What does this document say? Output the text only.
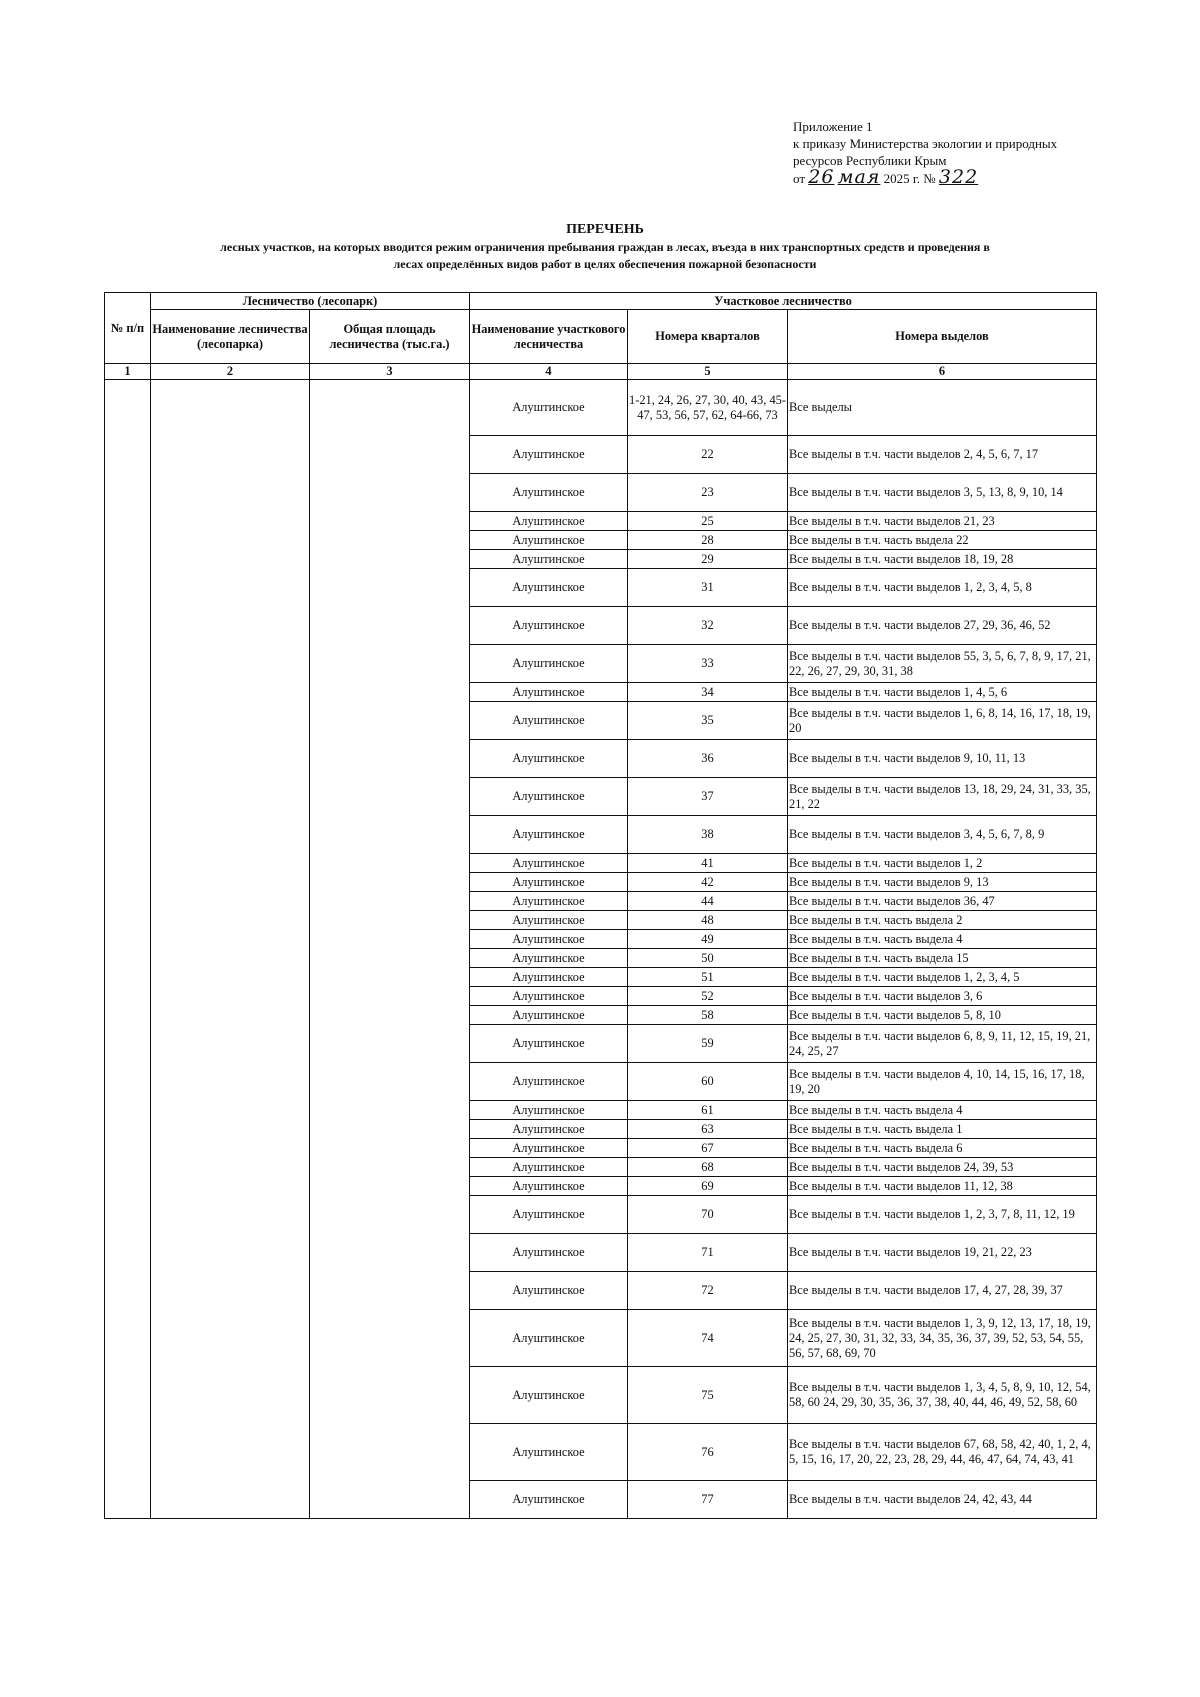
Приложение 1
к приказу Министерства экологии и природных
ресурсов Республики Крым
от 26 мая 2025 г. № 322
ПЕРЕЧЕНЬ
лесных участков, на которых вводится режим ограничения пребывания граждан в лесах, въезда в них транспортных средств и проведения в
лесах определённых видов работ в целях обеспечения пожарной безопасности
№ п/п	Лесничество (лесопарк)		Участковое лесничество		
	Наименование лесничества (лесопарка)	Общая площадь лесничества (тыс.га.)	Наименование участкового лесничества	Номера кварталов	Номера выделов
1	2	3	4	5	6
			Алуштинское	1-21, 24, 26, 27, 30, 40, 43, 45-47, 53, 56, 57, 62, 64-66, 73	Все выделы
			Алуштинское	22	Все выделы в т.ч. части выделов 2, 4, 5, 6, 7, 17
			Алуштинское	23	Все выделы в т.ч. части выделов 3, 5, 13, 8, 9, 10, 14
			Алуштинское	25	Все выделы в т.ч. части выделов 21, 23
			Алуштинское	28	Все выделы в т.ч. часть выдела 22
			Алуштинское	29	Все выделы в т.ч. части выделов 18, 19, 28
			Алуштинское	31	Все выделы в т.ч. части выделов 1, 2, 3, 4, 5, 8
			Алуштинское	32	Все выделы в т.ч. части выделов 27, 29, 36, 46, 52
			Алуштинское	33	Все выделы в т.ч. части выделов 55, 3, 5, 6, 7, 8, 9, 17, 21, 22, 26, 27, 29, 30, 31, 38
			Алуштинское	34	Все выделы в т.ч. части выделов 1, 4, 5, 6
			Алуштинское	35	Все выделы в т.ч. части выделов 1, 6, 8, 14, 16, 17, 18, 19, 20
			Алуштинское	36	Все выделы в т.ч. части выделов 9, 10, 11, 13
			Алуштинское	37	Все выделы в т.ч. части выделов 13, 18, 29, 24, 31, 33, 35, 21, 22
			Алуштинское	38	Все выделы в т.ч. части выделов 3, 4, 5, 6, 7, 8, 9
			Алуштинское	41	Все выделы в т.ч. части выделов 1, 2
			Алуштинское	42	Все выделы в т.ч. части выделов 9, 13
			Алуштинское	44	Все выделы в т.ч. части выделов 36, 47
			Алуштинское	48	Все выделы в т.ч. часть выдела 2
			Алуштинское	49	Все выделы в т.ч. часть выдела 4
			Алуштинское	50	Все выделы в т.ч. часть выдела 15
			Алуштинское	51	Все выделы в т.ч. части выделов 1, 2, 3, 4, 5
			Алуштинское	52	Все выделы в т.ч. части выделов 3, 6
			Алуштинское	58	Все выделы в т.ч. части выделов 5, 8, 10
			Алуштинское	59	Все выделы в т.ч. части выделов 6, 8, 9, 11, 12, 15, 19, 21, 24, 25, 27
			Алуштинское	60	Все выделы в т.ч. части выделов 4, 10, 14, 15, 16, 17, 18, 19, 20
			Алуштинское	61	Все выделы в т.ч. часть выдела 4
			Алуштинское	63	Все выделы в т.ч. часть выдела 1
			Алуштинское	67	Все выделы в т.ч. часть выдела 6
			Алуштинское	68	Все выделы в т.ч. части выделов 24, 39, 53
			Алуштинское	69	Все выделы в т.ч. части выделов 11, 12, 38
			Алуштинское	70	Все выделы в т.ч. части выделов 1, 2, 3, 7, 8, 11, 12, 19
			Алуштинское	71	Все выделы в т.ч. части выделов 19, 21, 22, 23
			Алуштинское	72	Все выделы в т.ч. части выделов 17, 4, 27, 28, 39, 37
			Алуштинское	74	Все выделы в т.ч. части выделов 1, 3, 9, 12, 13, 17, 18, 19, 24, 25, 27, 30, 31, 32, 33, 34, 35, 36, 37, 39, 52, 53, 54, 55, 56, 57, 68, 69, 70
			Алуштинское	75	Все выделы в т.ч. части выделов 1, 3, 4, 5, 8, 9, 10, 12, 54, 58, 60 24, 29, 30, 35, 36, 37, 38, 40, 44, 46, 49, 52, 58, 60
			Алуштинское	76	Все выделы в т.ч. части выделов 67, 68, 58, 42, 40, 1, 2, 4, 5, 15, 16, 17, 20, 22, 23, 28, 29, 44, 46, 47, 64, 74, 43, 41
			Алуштинское	77	Все выделы в т.ч. части выделов 24, 42, 43, 44
